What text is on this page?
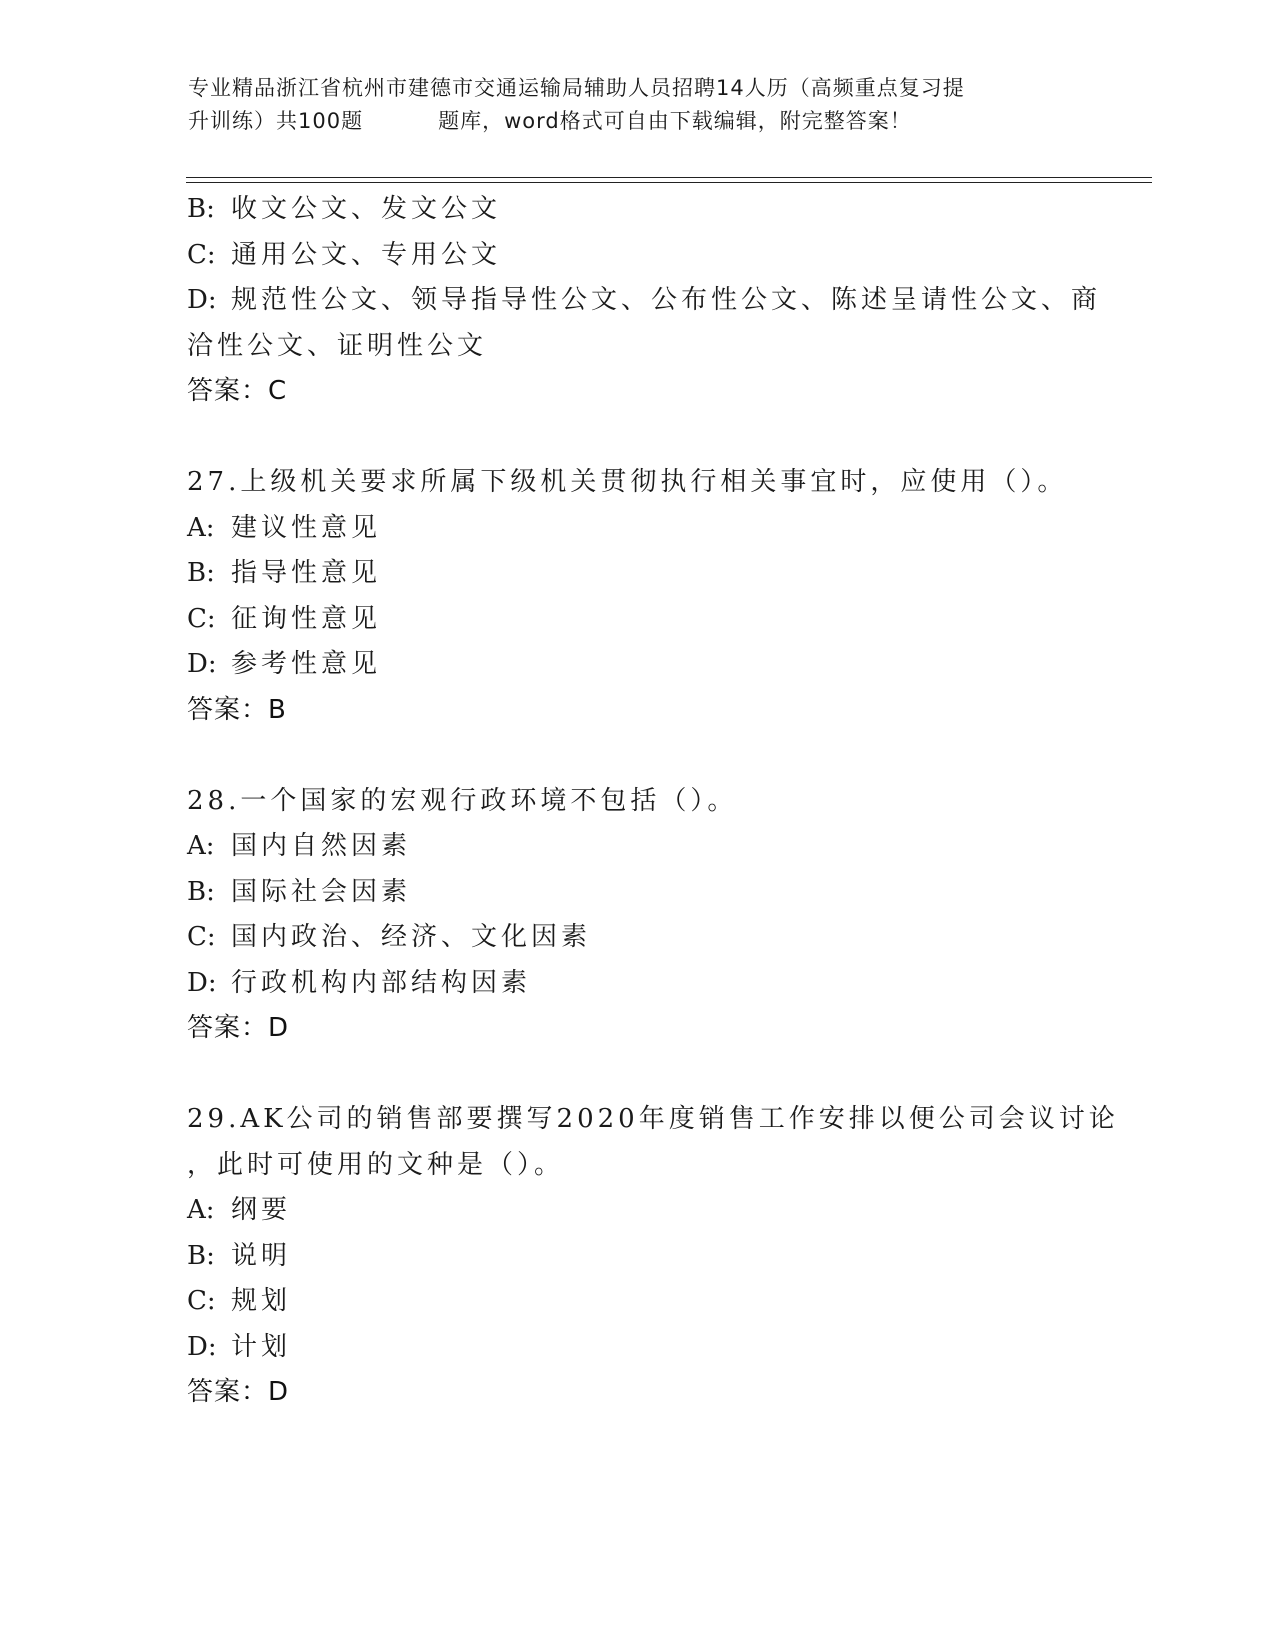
专业精品浙江省杭州市建德市交通运输局辅助人员招聘14人历（高频重点复习提
升训练）共100题	题库，word格式可自由下载编辑，附完整答案！
B: 收文公文、发文公文
C: 通用公文、专用公文
D: 规范性公文、领导指导性公文、公布性公文、陈述呈请性公文、商
洽性公文、证明性公文
答案：C
27.上级机关要求所属下级机关贯彻执行相关事宜时，应使用（）。
A: 建议性意见
B: 指导性意见
C: 征询性意见
D: 参考性意见
答案：B
28.一个国家的宏观行政环境不包括（）。
A: 国内自然因素
B: 国际社会因素
C: 国内政治、经济、文化因素
D: 行政机构内部结构因素
答案：D
29.AK公司的销售部要撰写2020年度销售工作安排以便公司会议讨论
，此时可使用的文种是（）。
A: 纲要
B: 说明
C: 规划
D: 计划
答案：D
